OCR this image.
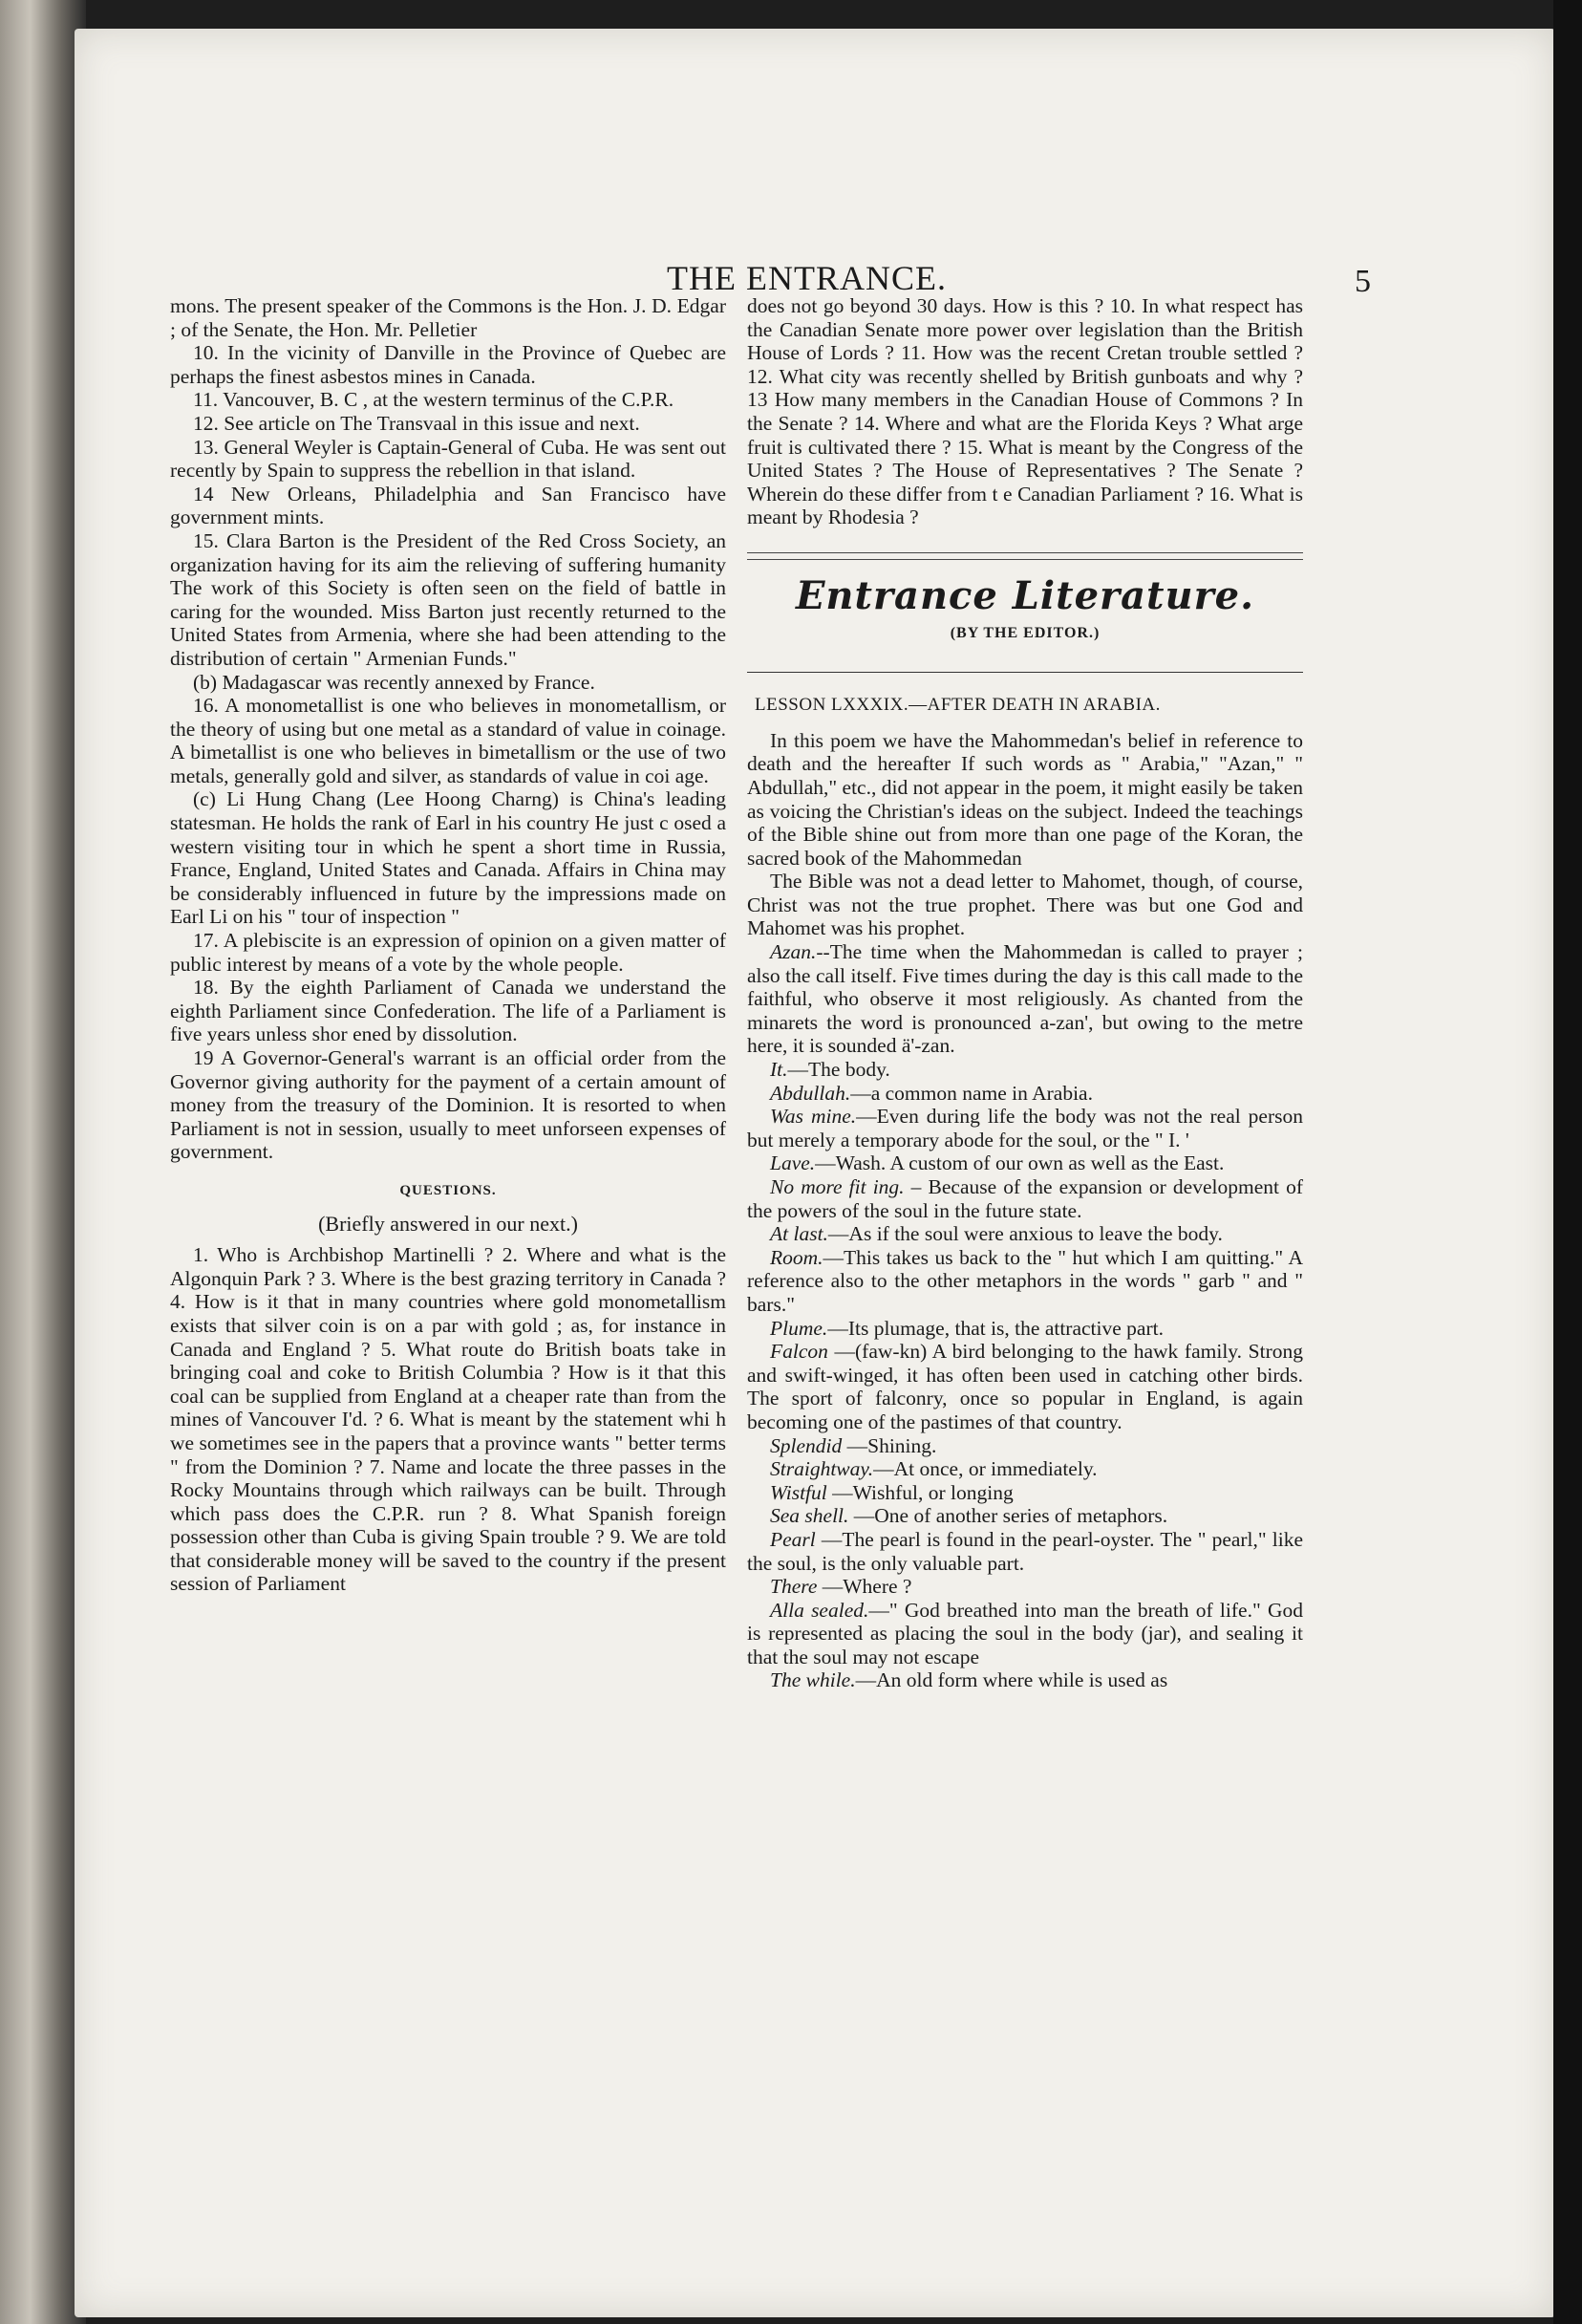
THE ENTRANCE.	5

mons. The present speaker of the Commons is the Hon. J. D. Edgar ; of the Senate, the Hon. Mr. Pelletier

10. In the vicinity of Danville in the Province of Quebec are perhaps the finest asbestos mines in Canada.

11. Vancouver, B. C , at the western terminus of the C.P.R.

12. See article on The Transvaal in this issue and next.

13. General Weyler is Captain-General of Cuba. He was sent out recently by Spain to suppress the rebellion in that island.

14 New Orleans, Philadelphia and San Francisco have government mints.

15. Clara Barton is the President of the Red Cross Society, an organization having for its aim the relieving of suffering humanity The work of this Society is often seen on the field of battle in caring for the wounded. Miss Barton just recently returned to the United States from Armenia, where she had been attending to the distribution of certain " Armenian Funds."

(b) Madagascar was recently annexed by France.

16. A monometallist is one who believes in monometallism, or the theory of using but one metal as a standard of value in coinage. A bimetallist is one who believes in bimetallism or the use of two metals, generally gold and silver, as standards of value in coi age.

(c) Li Hung Chang (Lee Hoong Charng) is China's leading statesman. He holds the rank of Earl in his country He just c osed a western visiting tour in which he spent a short time in Russia, France, England, United States and Canada. Affairs in China may be considerably influenced in future by the impressions made on Earl Li on his " tour of inspection "

17. A plebiscite is an expression of opinion on a given matter of public interest by means of a vote by the whole people.

18. By the eighth Parliament of Canada we understand the eighth Parliament since Confederation. The life of a Parliament is five years unless shor ened by dissolution.

19 A Governor-General's warrant is an official order from the Governor giving authority for the payment of a certain amount of money from the treasury of the Dominion. It is resorted to when Parliament is not in session, usually to meet unforseen expenses of government.

QUESTIONS.

(Briefly answered in our next.)

1. Who is Archbishop Martinelli ? 2. Where and what is the Algonquin Park ? 3. Where is the best grazing territory in Canada ? 4. How is it that in many countries where gold monometallism exists that silver coin is on a par with gold ; as, for instance in Canada and England ? 5. What route do British boats take in bringing coal and coke to British Columbia ? How is it that this coal can be supplied from England at a cheaper rate than from the mines of Vancouver I'd. ? 6. What is meant by the statement whi h we sometimes see in the papers that a province wants " better terms " from the Dominion ? 7. Name and locate the three passes in the Rocky Mountains through which railways can be built. Through which pass does the C.P.R. run ? 8. What Spanish foreign possession other than Cuba is giving Spain trouble ? 9. We are told that considerable money will be saved to the country if the present session of Parliament

does not go beyond 30 days. How is this ? 10. In what respect has the Canadian Senate more power over legislation than the British House of Lords ? 11. How was the recent Cretan trouble settled ? 12. What city was recently shelled by British gunboats and why ? 13 How many members in the Canadian House of Commons ? In the Senate ? 14. Where and what are the Florida Keys ? What arge fruit is cultivated there ? 15. What is meant by the Congress of the United States ? The House of Representatives ? The Senate ? Wherein do these differ from t e Canadian Parliament ? 16. What is meant by Rhodesia ?

Entrance Literature.

(BY THE EDITOR.)

LESSON LXXXIX.—AFTER DEATH IN ARABIA.

In this poem we have the Mahommedan's belief in reference to death and the hereafter If such words as " Arabia," "Azan," " Abdullah," etc., did not appear in the poem, it might easily be taken as voicing the Christian's ideas on the subject. Indeed the teachings of the Bible shine out from more than one page of the Koran, the sacred book of the Mahommedan

The Bible was not a dead letter to Mahomet, though, of course, Christ was not the true prophet. There was but one God and Mahomet was his prophet.

Azan.--The time when the Mahommedan is called to prayer ; also the call itself. Five times during the day is this call made to the faithful, who observe it most religiously. As chanted from the minarets the word is pronounced a-zan', but owing to the metre here, it is sounded ä'-zan.

It.—The body.

Abdullah.—a common name in Arabia.

Was mine.—Even during life the body was not the real person but merely a temporary abode for the soul, or the " I. '

Lave.—Wash. A custom of our own as well as the East.

No more fit ing. – Because of the expansion or development of the powers of the soul in the future state.

At last.—As if the soul were anxious to leave the body.

Room.—This takes us back to the " hut which I am quitting." A reference also to the other metaphors in the words " garb " and " bars."

Plume.—Its plumage, that is, the attractive part.

Falcon —(faw-kn) A bird belonging to the hawk family. Strong and swift-winged, it has often been used in catching other birds. The sport of falconry, once so popular in England, is again becoming one of the pastimes of that country.

Splendid —Shining.

Straightway.—At once, or immediately.

Wistful —Wishful, or longing

Sea shell. —One of another series of metaphors.

Pearl —The pearl is found in the pearl-oyster. The " pearl," like the soul, is the only valuable part.

There —Where ?

Alla sealed.—" God breathed into man the breath of life." God is represented as placing the soul in the body (jar), and sealing it that the soul may not escape

The while.—An old form where while is used as
